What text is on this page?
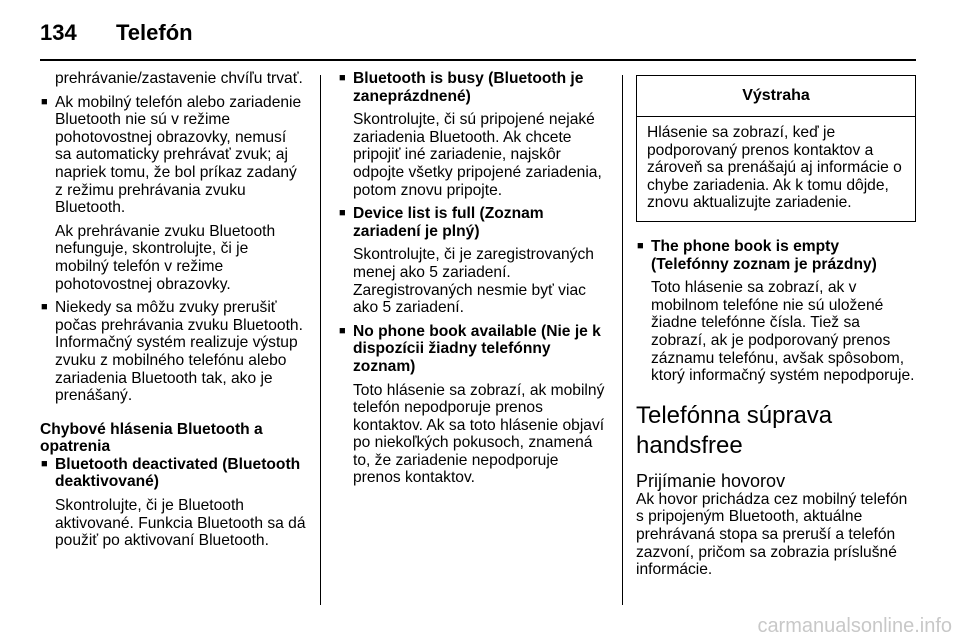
134 Telefón

prehrávanie/zastavenie chvíľu trvať.

■ Ak mobilný telefón alebo zariadenie Bluetooth nie sú v režime pohotovostnej obrazovky, nemusí sa automaticky prehrávať zvuk; aj napriek tomu, že bol príkaz zadaný z režimu prehrávania zvuku Bluetooth.

Ak prehrávanie zvuku Bluetooth nefunguje, skontrolujte, či je mobilný telefón v režime pohotovostnej obrazovky.

■ Niekedy sa môžu zvuky prerušiť počas prehrávania zvuku Bluetooth. Informačný systém realizuje výstup zvuku z mobilného telefónu alebo zariadenia Bluetooth tak, ako je prenášaný.

Chybové hlásenia Bluetooth a opatrenia

■ Bluetooth deactivated (Bluetooth deaktivované)

Skontrolujte, či je Bluetooth aktivované. Funkcia Bluetooth sa dá použiť po aktivovaní Bluetooth.

■ Bluetooth is busy (Bluetooth je zaneprázdnené)

Skontrolujte, či sú pripojené nejaké zariadenia Bluetooth. Ak chcete pripojiť iné zariadenie, najskôr odpojte všetky pripojené zariadenia, potom znovu pripojte.

■ Device list is full (Zoznam zariadení je plný)

Skontrolujte, či je zaregistrovaných menej ako 5 zariadení. Zaregistrovaných nesmie byť viac ako 5 zariadení.

■ No phone book available (Nie je k dispozícii žiadny telefónny zoznam)

Toto hlásenie sa zobrazí, ak mobilný telefón nepodporuje prenos kontaktov. Ak sa toto hlásenie objaví po niekoľkých pokusoch, znamená to, že zariadenie nepodporuje prenos kontaktov.

Výstraha
Hlásenie sa zobrazí, keď je podporovaný prenos kontaktov a zároveň sa prenášajú aj informácie o chybe zariadenia. Ak k tomu dôjde, znovu aktualizujte zariadenie.
■ The phone book is empty (Telefónny zoznam je prázdny)

Toto hlásenie sa zobrazí, ak v mobilnom telefóne nie sú uložené žiadne telefónne čísla. Tiež sa zobrazí, ak je podporovaný prenos záznamu telefónu, avšak spôsobom, ktorý informačný systém nepodporuje.

Telefónna súprava handsfree

Prijímanie hovorov

Ak hovor prichádza cez mobilný telefón s pripojeným Bluetooth, aktuálne prehrávaná stopa sa preruší a telefón zazvoní, pričom sa zobrazia príslušné informácie.

carmanualsonline.info
